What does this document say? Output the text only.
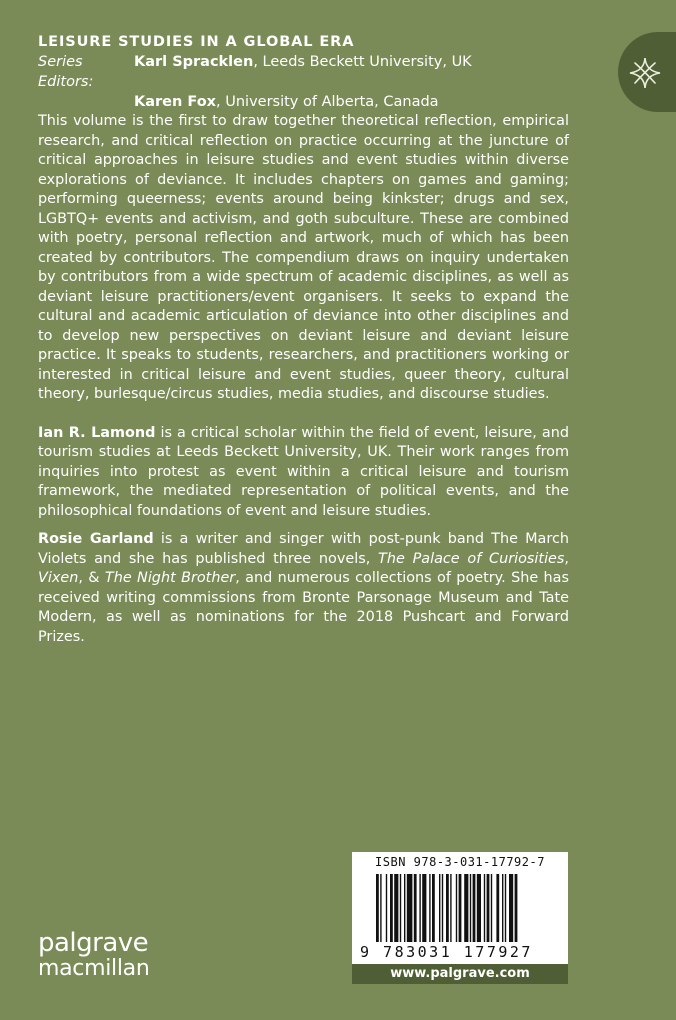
LEISURE STUDIES IN A GLOBAL ERA
Series Editors:
Karl Spracklen, Leeds Beckett University, UK
Karen Fox, University of Alberta, Canada

This volume is the first to draw together theoretical reflection, empirical research, and critical reflection on practice occurring at the juncture of critical approaches in leisure studies and event studies within diverse explorations of deviance. It includes chapters on games and gaming; performing queerness; events around being kinkster; drugs and sex, LGBTQ+ events and activism, and goth subculture. These are combined with poetry, personal reflection and artwork, much of which has been created by contributors. The compendium draws on inquiry undertaken by contributors from a wide spectrum of academic disciplines, as well as deviant leisure practitioners/event organisers. It seeks to expand the cultural and academic articulation of deviance into other disciplines and to develop new perspectives on deviant leisure and deviant leisure practice. It speaks to students, researchers, and practitioners working or interested in critical leisure and event studies, queer theory, cultural theory, burlesque/circus studies, media studies, and discourse studies.

Ian R. Lamond is a critical scholar within the field of event, leisure, and tourism studies at Leeds Beckett University, UK. Their work ranges from inquiries into protest as event within a critical leisure and tourism framework, the mediated representation of political events, and the philosophical foundations of event and leisure studies.

Rosie Garland is a writer and singer with post-punk band The March Violets and she has published three novels, The Palace of Curiosities, Vixen, & The Night Brother, and numerous collections of poetry. She has received writing commissions from Bronte Parsonage Museum and Tate Modern, as well as nominations for the 2018 Pushcart and Forward Prizes.

palgrave
macmillan
ISBN 978-3-031-17792-7
9 783031 177927
www.palgrave.com
